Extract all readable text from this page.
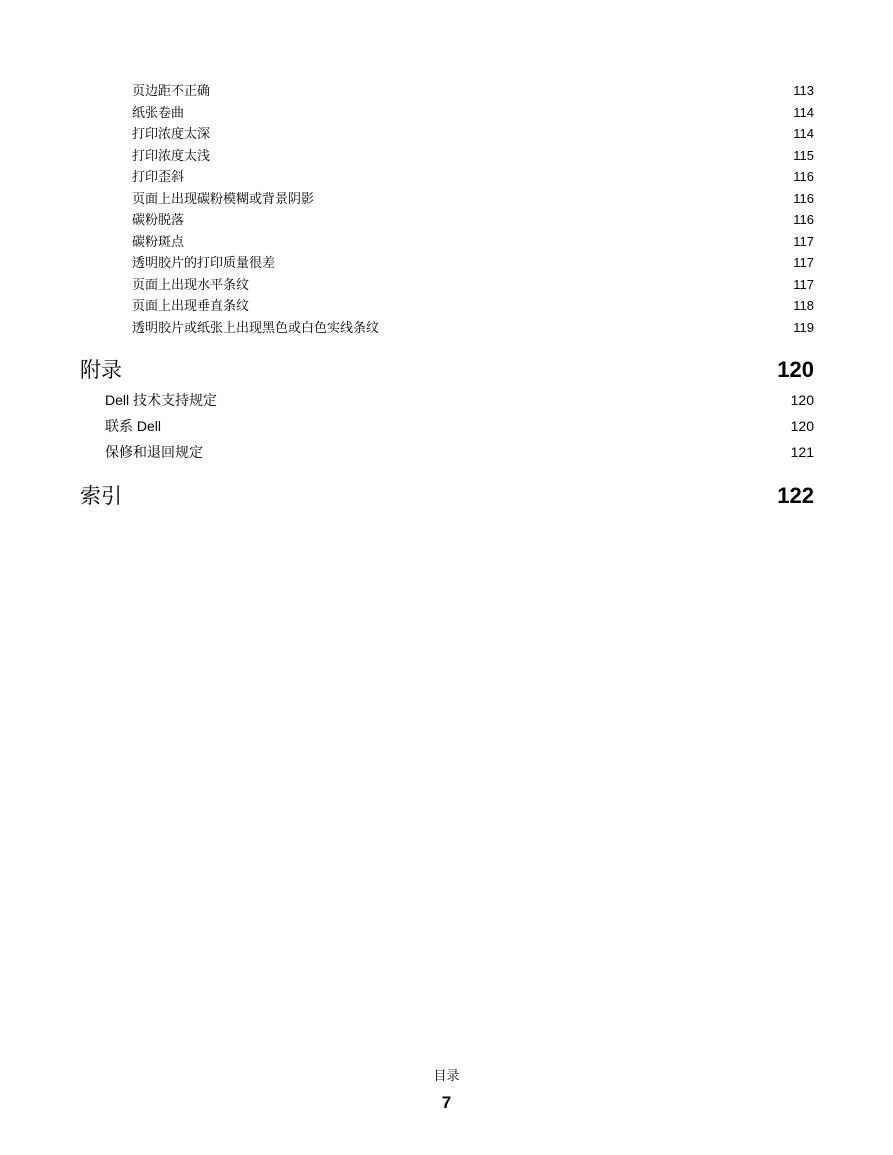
页边距不正确	113
纸张卷曲	114
打印浓度太深	114
打印浓度太浅	115
打印歪斜	116
页面上出现碳粉模糊或背景阴影	116
碳粉脱落	116
碳粉斑点	117
透明胶片的打印质量很差	117
页面上出现水平条纹	117
页面上出现垂直条纹	118
透明胶片或纸张上出现黑色或白色实线条纹	119
附录	120
Dell 技术支持规定	120
联系 Dell	120
保修和退回规定	121
索引	122
目录
7
